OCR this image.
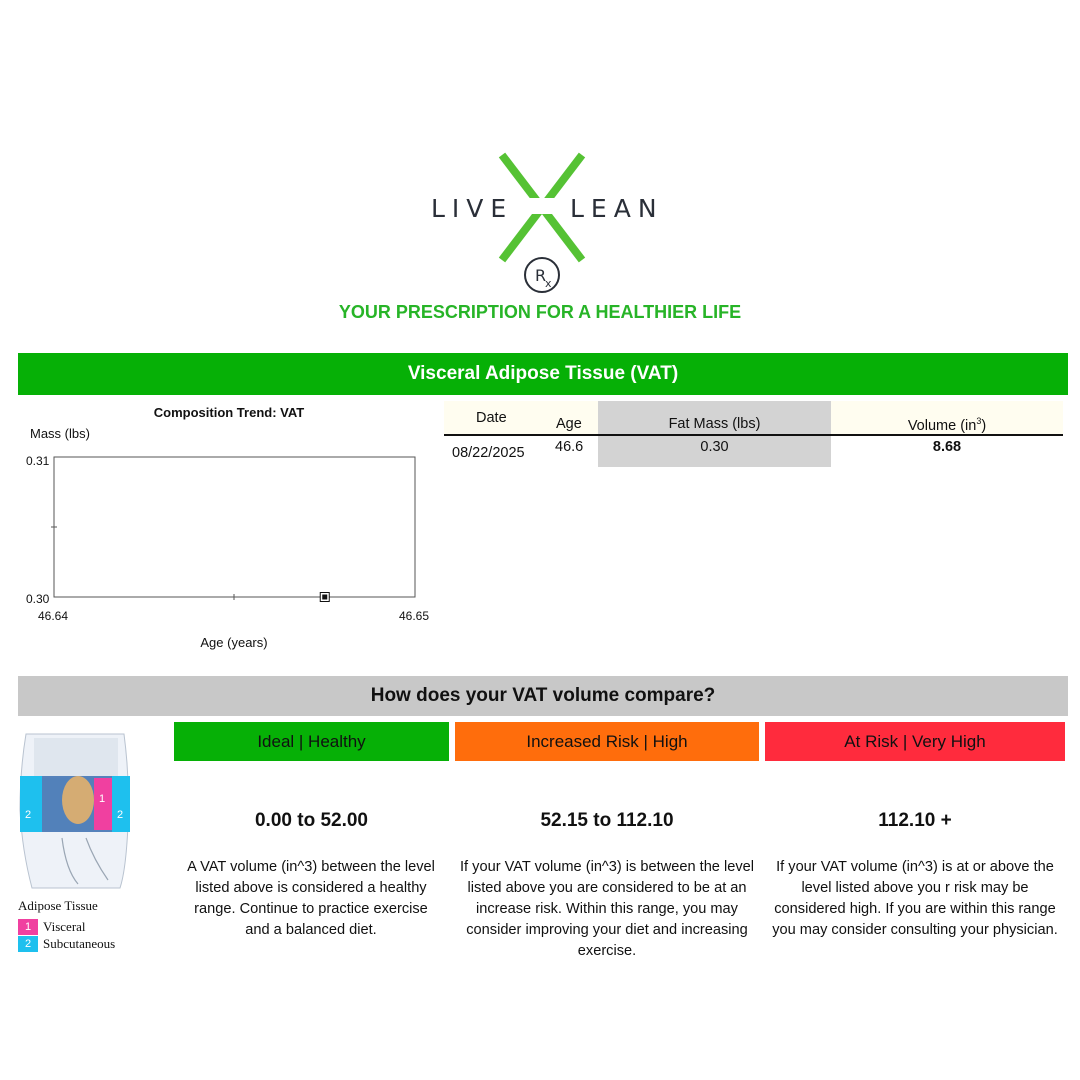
R
x
LIVE LEAN
YOUR PRESCRIPTION FOR A HEALTHIER LIFE
Visceral Adipose Tissue (VAT)
Composition Trend: VAT
Mass (lbs)
0.31
0.30
46.64	46.65
Age (years)
Date	Age	Fat Mass (lbs)	Volume $(in^3)$
08/22/2025 46.6	0.30	8.68
How does your VAT volume compare?
2	2
1
Adipose Tissue
1 Visceral
2 Subcutaneous
Ideal | Healthy	Increased Risk | High	At Risk | Very High
0.00 to 52.00	52.15 to 112.10	112.10 +
A VAT volume (in^3) between the level listed above is considered a healthy range. Continue to practice exercise and a balanced diet.
If your VAT volume (in^3) is between the level listed above you are considered to be at an increase risk. Within this range, you may consider improving your diet and increasing exercise.
If your VAT volume (in^3) is at or above the level listed above you r risk may be considered high. If you are within this range you may consider consulting your physician.
